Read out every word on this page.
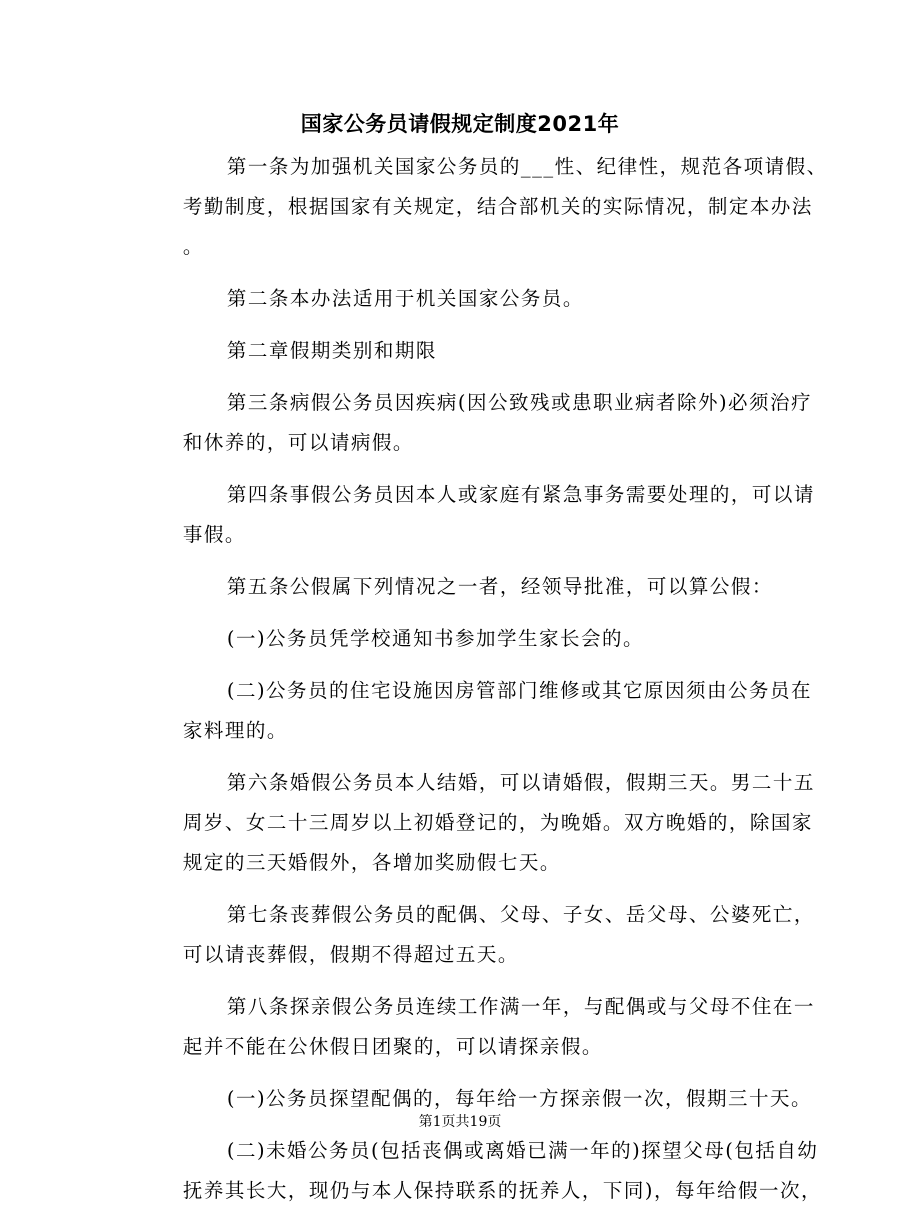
国家公务员请假规定制度2021年
第一条为加强机关国家公务员的___性、纪律性，规范各项请假、
考勤制度，根据国家有关规定，结合部机关的实际情况，制定本办法
。
第二条本办法适用于机关国家公务员。
第二章假期类别和期限
第三条病假公务员因疾病(因公致残或患职业病者除外)必须治疗
和休养的，可以请病假。
第四条事假公务员因本人或家庭有紧急事务需要处理的，可以请
事假。
第五条公假属下列情况之一者，经领导批准，可以算公假：
(一)公务员凭学校通知书参加学生家长会的。
(二)公务员的住宅设施因房管部门维修或其它原因须由公务员在
家料理的。
第六条婚假公务员本人结婚，可以请婚假，假期三天。男二十五
周岁、女二十三周岁以上初婚登记的，为晚婚。双方晚婚的，除国家
规定的三天婚假外，各增加奖励假七天。
第七条丧葬假公务员的配偶、父母、子女、岳父母、公婆死亡，
可以请丧葬假，假期不得超过五天。
第八条探亲假公务员连续工作满一年，与配偶或与父母不住在一
起并不能在公休假日团聚的，可以请探亲假。
(一)公务员探望配偶的，每年给一方探亲假一次，假期三十天。
(二)未婚公务员(包括丧偶或离婚已满一年的)探望父母(包括自幼
抚养其长大，现仍与本人保持联系的抚养人，下同)，每年给假一次，
第1页共19页
